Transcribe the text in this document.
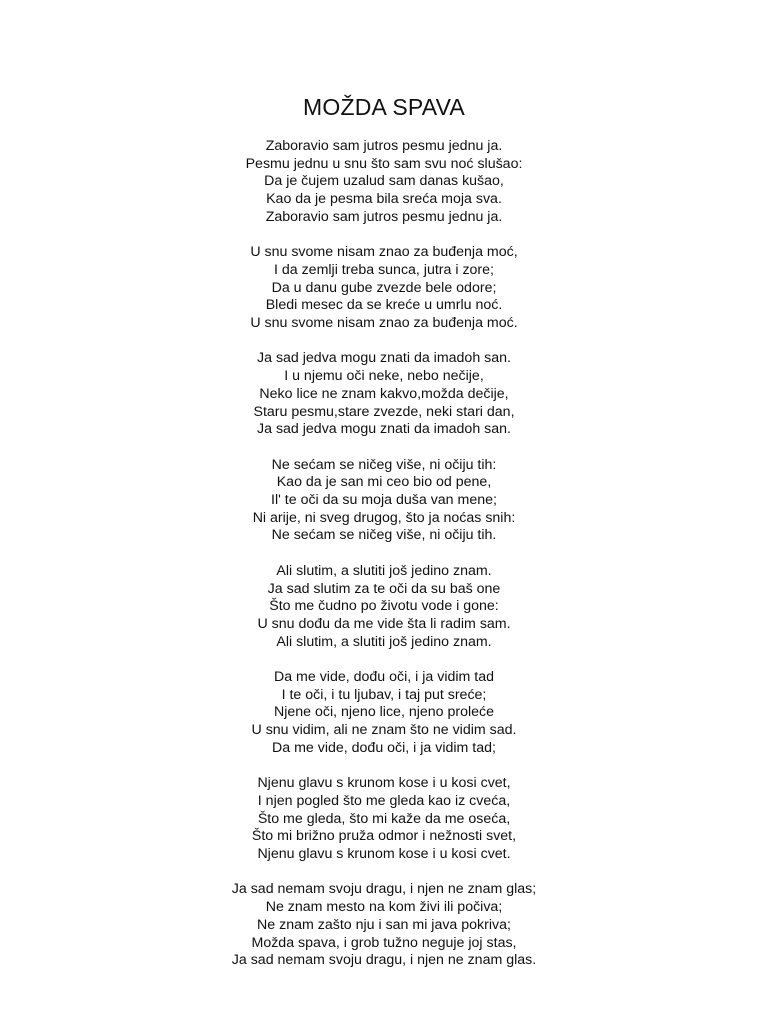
MOŽDA SPAVA
Zaboravio sam jutros pesmu jednu ja.
Pesmu jednu u snu što sam svu noć slušao:
Da je čujem uzalud sam danas kušao,
Kao da je pesma bila sreća moja sva.
Zaboravio sam jutros pesmu jednu ja.
U snu svome nisam znao za buđenja moć,
I da zemlji treba sunca, jutra i zore;
Da u danu gube zvezde bele odore;
Bledi mesec da se kreće u umrlu noć.
U snu svome nisam znao za buđenja moć.
Ja sad jedva mogu znati da imadoh san.
I u njemu oči neke, nebo nečije,
Neko lice ne znam kakvo,možda dečije,
Staru pesmu,stare zvezde, neki stari dan,
Ja sad jedva mogu znati da imadoh san.
Ne sećam se ničeg više, ni očiju tih:
Kao da je san mi ceo bio od pene,
Il' te oči da su moja duša van mene;
Ni arije, ni sveg drugog, što ja noćas snih:
Ne sećam se ničeg više, ni očiju tih.
Ali slutim, a slutiti još jedino znam.
Ja sad slutim za te oči da su baš one
Što me čudno po životu vode i gone:
U snu dođu da me vide šta li radim sam.
Ali slutim, a slutiti još jedino znam.
Da me vide, dođu oči, i ja vidim tad
I te oči, i tu ljubav, i taj put sreće;
Njene oči, njeno lice, njeno proleće
U snu vidim, ali ne znam što ne vidim sad.
Da me vide, dođu oči, i ja vidim tad;
Njenu glavu s krunom kose i u kosi cvet,
I njen pogled što me gleda kao iz cveća,
Što me gleda, što mi kaže da me oseća,
Što mi brižno pruža odmor i nežnosti svet,
Njenu glavu s krunom kose i u kosi cvet.
Ja sad nemam svoju dragu, i njen ne znam glas;
Ne znam mesto na kom živi ili počiva;
Ne znam zašto nju i san mi java pokriva;
Možda spava, i grob tužno neguje joj stas,
Ja sad nemam svoju dragu, i njen ne znam glas.
